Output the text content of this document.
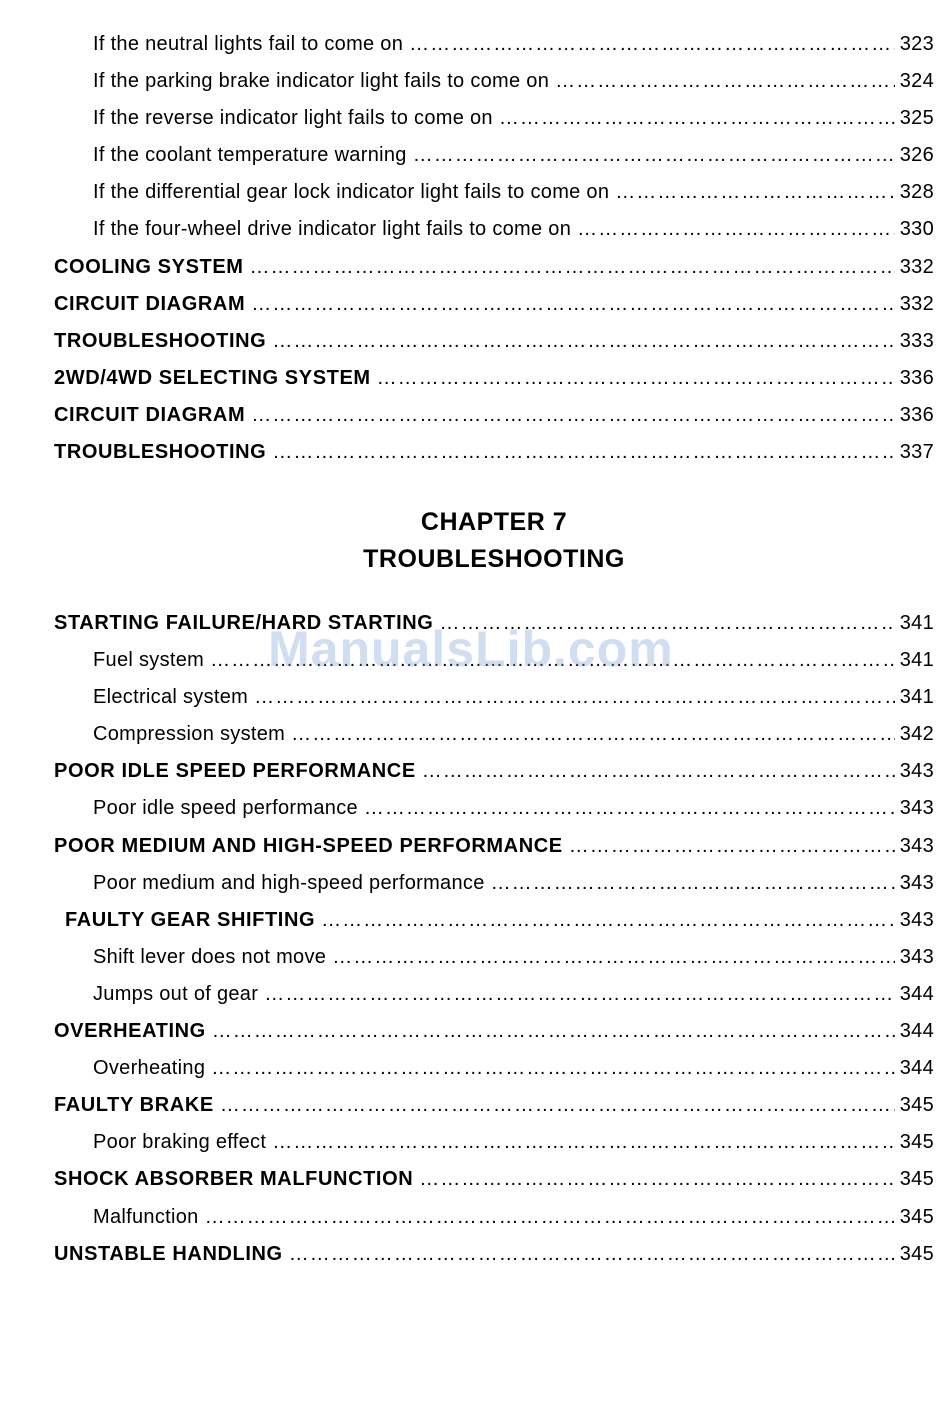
If the neutral lights fail to come on ……………………………………………………………………………………………………………………………………………………	323
If the parking brake indicator light fails to come on ……………………………………………………………………………………………………………………………………………………	324
If the reverse indicator light fails to come on ……………………………………………………………………………………………………………………………………………………	325
If the coolant temperature warning ……………………………………………………………………………………………………………………………………………………	326
If the differential gear lock indicator light fails to come on ……………………………………………………………………………………………………………………………………………………	328
If the four-wheel drive indicator light fails to come on ……………………………………………………………………………………………………………………………………………………	330
COOLING SYSTEM ……………………………………………………………………………………………………………………………………………………	332
CIRCUIT DIAGRAM ……………………………………………………………………………………………………………………………………………………	332
TROUBLESHOOTING ……………………………………………………………………………………………………………………………………………………	333
2WD/4WD SELECTING SYSTEM ……………………………………………………………………………………………………………………………………………………	336
CIRCUIT DIAGRAM ……………………………………………………………………………………………………………………………………………………	336
TROUBLESHOOTING ……………………………………………………………………………………………………………………………………………………	337
CHAPTER 7
TROUBLESHOOTING
STARTING FAILURE/HARD STARTING ……………………………………………………………………………………………………………………………………………………	341
Fuel system ……………………………………………………………………………………………………………………………………………………	341
Electrical system ……………………………………………………………………………………………………………………………………………………	341
Compression system ……………………………………………………………………………………………………………………………………………………	342
POOR IDLE SPEED PERFORMANCE ……………………………………………………………………………………………………………………………………………………	343
Poor idle speed performance ……………………………………………………………………………………………………………………………………………………	343
POOR MEDIUM AND HIGH-SPEED PERFORMANCE ……………………………………………………………………………………………………………………………………………………	343
Poor medium and high-speed performance ……………………………………………………………………………………………………………………………………………………	343
FAULTY GEAR SHIFTING ……………………………………………………………………………………………………………………………………………………	343
Shift lever does not move ……………………………………………………………………………………………………………………………………………………	343
Jumps out of gear ……………………………………………………………………………………………………………………………………………………	344
OVERHEATING ……………………………………………………………………………………………………………………………………………………	344
Overheating ……………………………………………………………………………………………………………………………………………………	344
FAULTY BRAKE ……………………………………………………………………………………………………………………………………………………	345
Poor braking effect ……………………………………………………………………………………………………………………………………………………	345
SHOCK ABSORBER MALFUNCTION ……………………………………………………………………………………………………………………………………………………	345
Malfunction ……………………………………………………………………………………………………………………………………………………	345
UNSTABLE HANDLING ……………………………………………………………………………………………………………………………………………………	345
ManualsLib.com
